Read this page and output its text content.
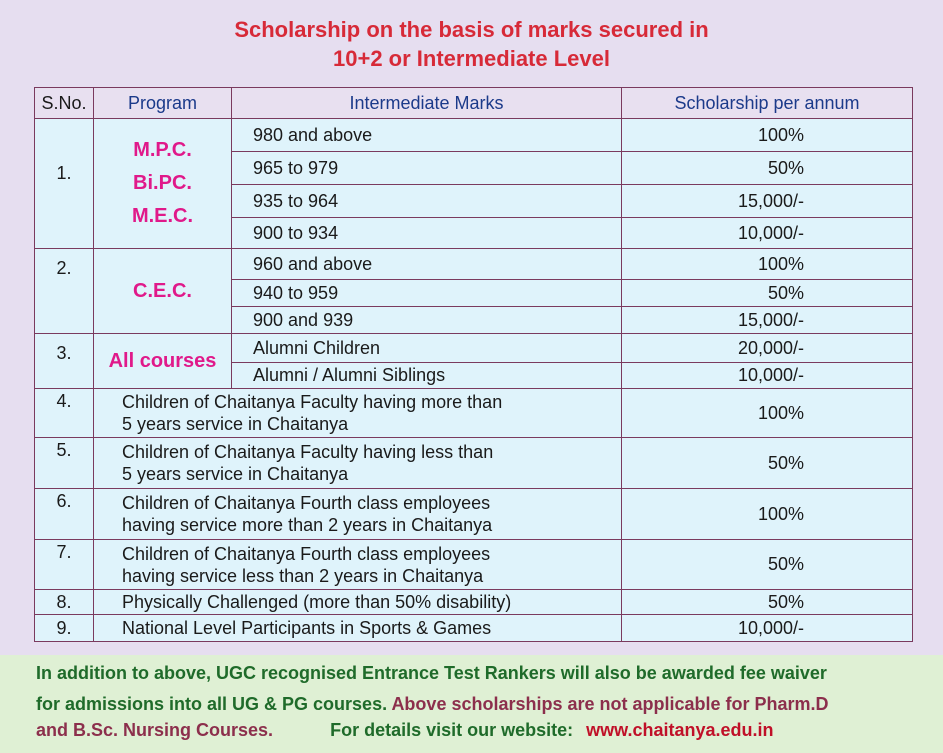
Scholarship on the basis of marks secured in
10+2 or Intermediate Level
S.No.	Program	Intermediate Marks	Scholarship per annum

1.	M.P.C.
Bi.PC.
M.E.C.	980 and above	100%
		965 to 979	50%
		935 to 964	15,000/-
		900 to 934	10,000/-
2.	C.E.C.	960 and above	100%
		940 to 959	50%
		900 and 939	15,000/-
3.	All courses	Alumni Children	20,000/-
		Alumni / Alumni Siblings	10,000/-
4.	Children of Chaitanya Faculty having more than
5 years service in Chaitanya		100%
5.	Children of Chaitanya Faculty having less than
5 years service in Chaitanya		50%
6.	Children of Chaitanya Fourth class employees
having service more than 2 years in Chaitanya		100%
7.	Children of Chaitanya Fourth class employees
having service less than 2 years in Chaitanya		50%
8.	Physically Challenged (more than 50% disability)		50%
9.	National Level Participants in Sports & Games		10,000/-
In addition to above, UGC recognised Entrance Test Rankers will also be awarded fee waiver
for admissions into all UG & PG courses. Above scholarships are not applicable for Pharm.D
and B.Sc. Nursing Courses.	For details visit our website: www.chaitanya.edu.in
